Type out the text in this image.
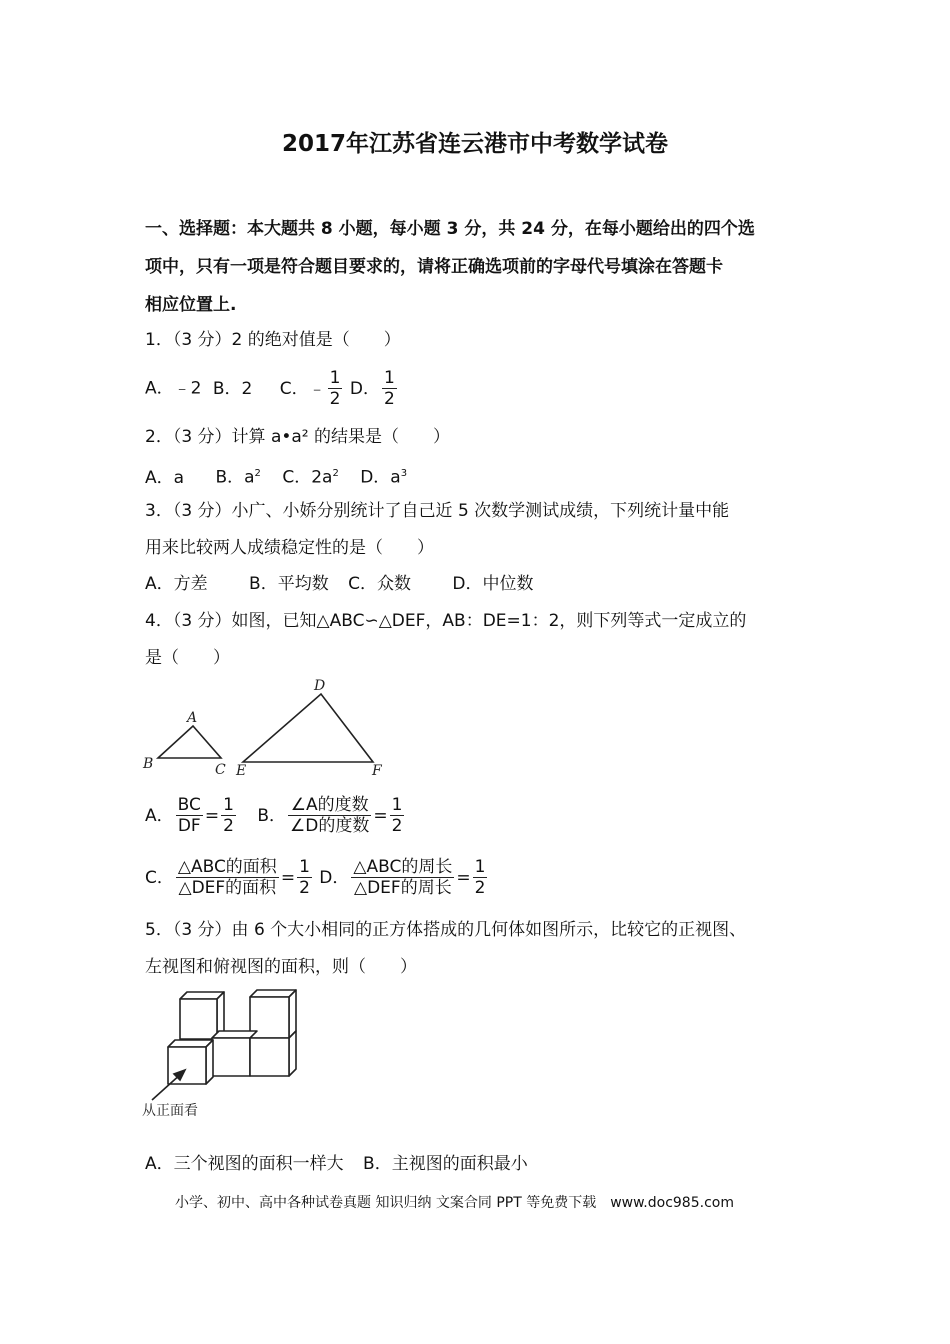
2017年江苏省连云港市中考数学试卷
一、选择题：本大题共 8 小题，每小题 3 分，共 24 分，在每小题给出的四个选
项中，只有一项是符合题目要求的，请将正确选项前的字母代号填涂在答题卡
相应位置上.
1．（3 分）2 的绝对值是（　　）
A．﹣2 B．2 C．﹣ $\frac{1}{2}$ D． $\frac{1}{2}$
2．（3 分）计算 a•a² 的结果是（　　）
A．a B．$a^2$ C．$2a^2$ D．$a^3$
3．（3 分）小广、小娇分别统计了自己近 5 次数学测试成绩，下列统计量中能
用来比较两人成绩稳定性的是（　　）
A．方差 B．平均数 C．众数 D．中位数
4．（3 分）如图，已知△ABC∽△DEF，AB：DE=1：2，则下列等式一定成立的
是（　　）
A
B	C
D
E	F
A． $\frac{BC}{DF} = \frac{1}{2}$ B． $\frac{\text{∠A的度数}}{\text{∠D的度数}} = \frac{1}{2}$
C． $\frac{\text{△ABC的面积}}{\text{△DEF的面积}} = \frac{1}{2}$ D． $\frac{\text{△ABC的周长}}{\text{△DEF的周长}} = \frac{1}{2}$
5．（3 分）由 6 个大小相同的正方体搭成的几何体如图所示，比较它的正视图、
左视图和俯视图的面积，则（　　）
从正面看
A．三个视图的面积一样大 B．主视图的面积最小
小学、初中、高中各种试卷真题 知识归纳 文案合同 PPT 等免费下载　www.doc985.com
